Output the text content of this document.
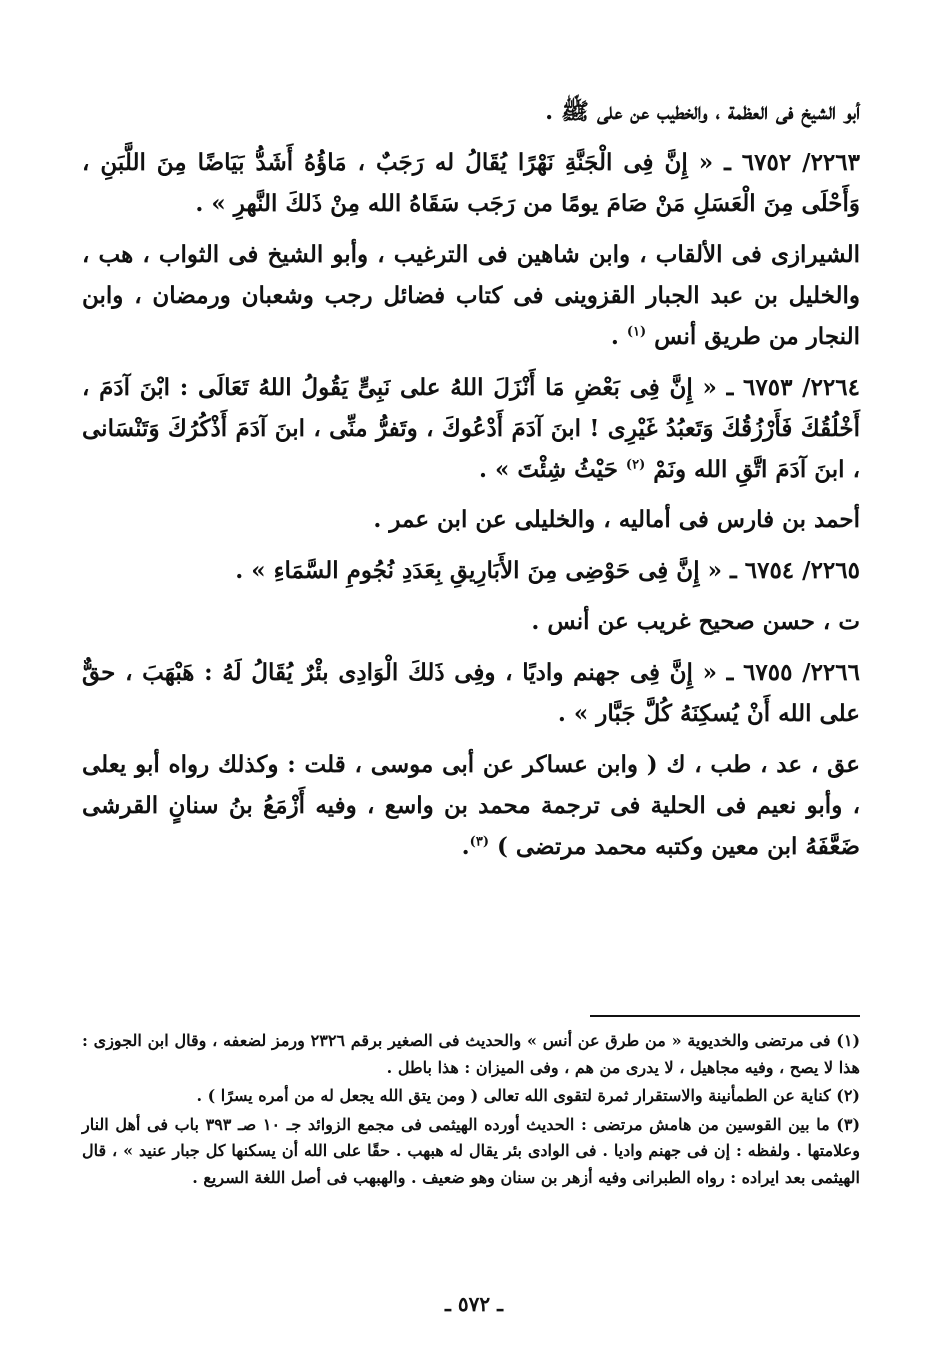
أبو الشيخ فى العظمة ، والخطيب عن على ﷺ .

٢٢٦٣/ ٦٧٥٢ ـ « إِنَّ فِى الْجَنَّةِ نَهْرًا يُقَالُ له رَجَبٌ ، مَاؤُهُ أَشَدُّ بَيَاضًا مِنَ اللَّبَنِ ، وَأَحْلَى مِنَ الْعَسَلِ مَنْ صَامَ يومًا من رَجَب سَقَاهُ الله مِنْ ذَلكَ النَّهرِ » .

الشيرازى فى الألقاب ، وابن شاهين فى الترغيب ، وأبو الشيخ فى الثواب ، هب ، والخليل بن عبد الجبار القزوينى فى كتاب فضائل رجب وشعبان ورمضان ، وابن النجار من طريق أنس $^{(١)}$ .

٢٢٦٤/ ٦٧٥٣ ـ « إِنَّ فِى بَعْضِ مَا أَنْزَلَ اللهُ على نَبِىٍّ يَقُولُ اللهُ تَعَالَى : ابْنَ آدَمَ ، أَخْلُقُكَ فَأَرْزُقُكَ وَتَعبُدُ غَيْرِى ! ابنَ آدَمَ أَدْعُوكَ ، وتَفرُّ منِّى ، ابنَ آدَمَ أَذْكُرُكَ وَتَنْسَانى ، ابنَ آدَمَ اتَّقِ الله ونَمْ $^{(٢)}$ حَيْثُ شِئْتَ » .

أحمد بن فارس فى أماليه ، والخليلى عن ابن عمر .

٢٢٦٥/ ٦٧٥٤ ـ « إِنَّ فِى حَوْضِى مِنَ الأَبَارِيقِ بِعَدَدِ نُجُومِ السَّمَاءِ » .

ت ، حسن صحيح غريب عن أنس .

٢٢٦٦/ ٦٧٥٥ ـ « إِنَّ فِى جهنم واديًا ، وفِى ذَلكَ الْوَادِى بئْرٌ يُقَالُ لَهُ : هَبْهَبَ ، حقٌّ على الله أَنْ يُسكِنَهُ كُلَّ جَبَّار » .

عق ، عد ، طب ، ك ( وابن عساكر عن أبى موسى ، قلت : وكذلك رواه أبو يعلى ، وأبو نعيم فى الحلية فى ترجمة محمد بن واسع ، وفيه أَزْمَعُ بنُ سنانٍ القرشى ضَعَّفَهُ ابن معين وكتبه محمد مرتضى ) $^{(٣)}$.

(١) فى مرتضى والخديوية « من طرق عن أنس » والحديث فى الصغير برقم ٢٣٢٦ ورمز لضعفه ، وقال ابن الجوزى : هذا لا يصح ، وفيه مجاهيل ، لا يدرى من هم ، وفى الميزان : هذا باطل .

(٢) كناية عن الطمأنينة والاستقرار ثمرة لتقوى الله تعالى ( ومن يتق الله يجعل له من أمره يسرًا ) .

(٣) ما بين القوسين من هامش مرتضى : الحديث أورده الهيثمى فى مجمع الزوائد جـ ١٠ صـ ٣٩٣ باب فى أهل النار وعلامتها . ولفظه : إن فى جهنم واديا . فى الوادى بئر يقال له هبهب . حقًا على الله أن يسكنها كل جبار عنيد » ، قال الهيثمى بعد ايراده : رواه الطبرانى وفيه أزهر بن سنان وهو ضعيف . والهبهب فى أصل اللغة السريع .

ـ ٥٧٢ ـ
